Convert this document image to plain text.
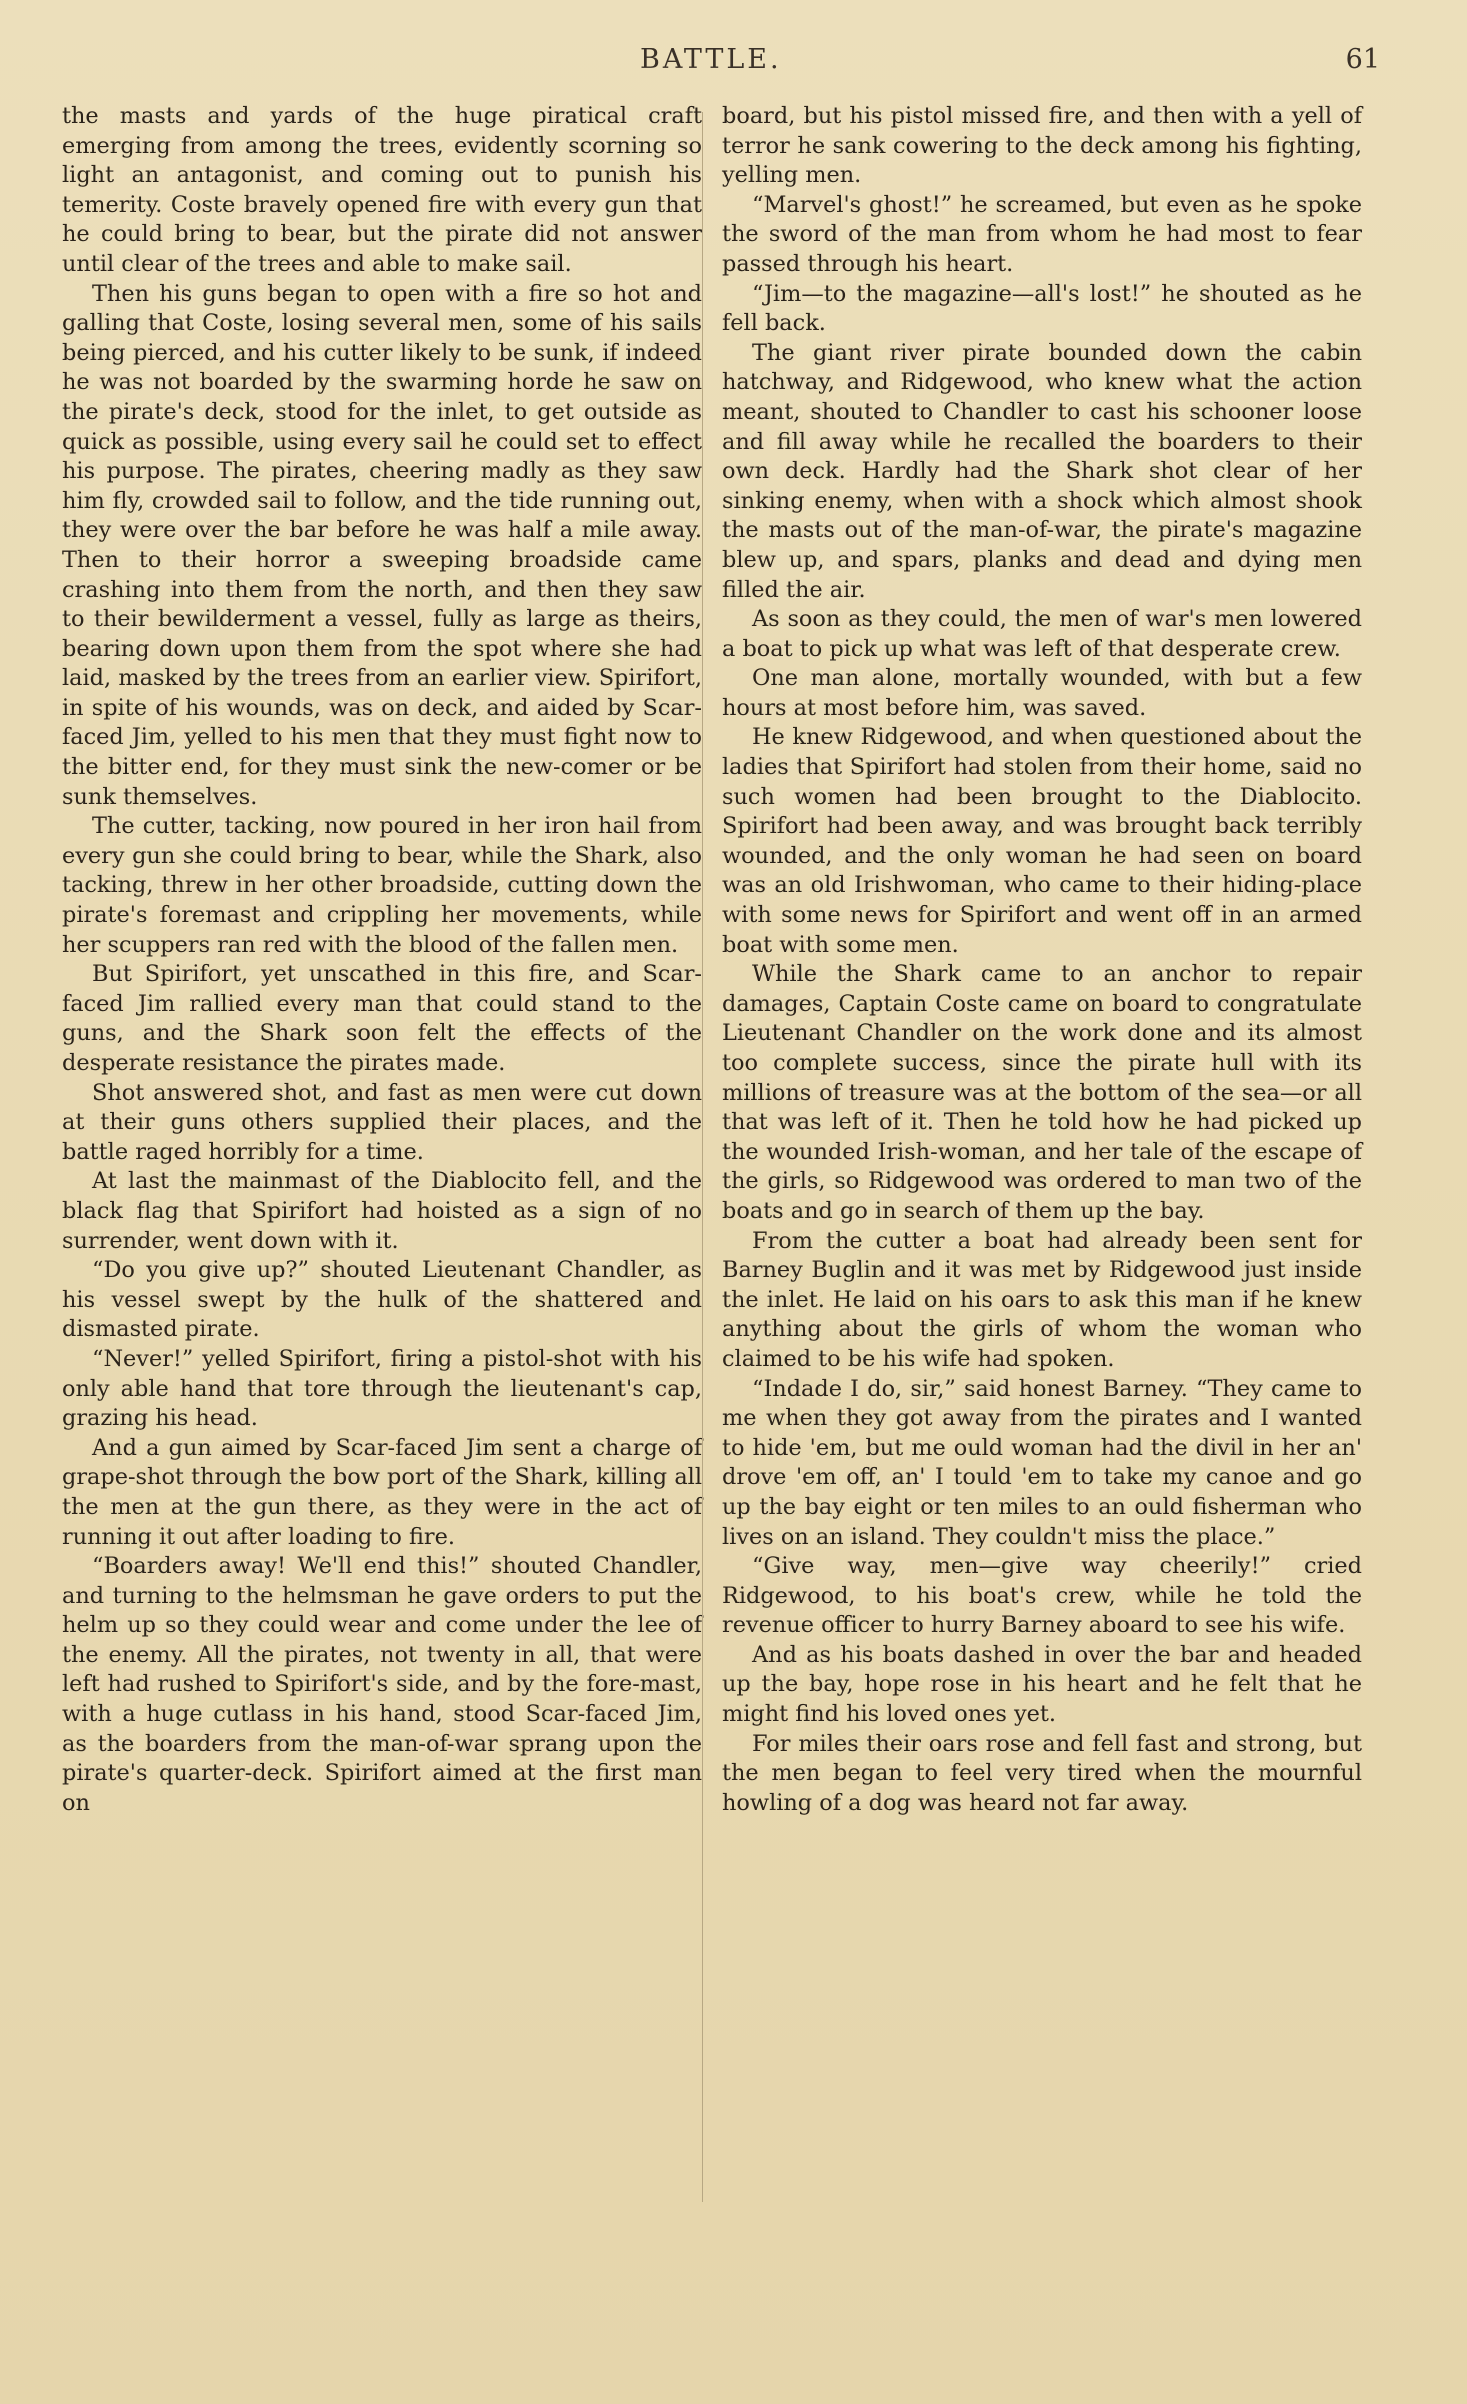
BATTLE.	61

the masts and yards of the huge piratical craft emerging from among the trees, evidently scorning so light an antagonist, and coming out to punish his temerity. Coste bravely opened fire with every gun that he could bring to bear, but the pirate did not answer until clear of the trees and able to make sail.

Then his guns began to open with a fire so hot and galling that Coste, losing several men, some of his sails being pierced, and his cutter likely to be sunk, if indeed he was not boarded by the swarming horde he saw on the pirate's deck, stood for the inlet, to get outside as quick as possible, using every sail he could set to effect his purpose. The pirates, cheering madly as they saw him fly, crowded sail to follow, and the tide running out, they were over the bar before he was half a mile away. Then to their horror a sweeping broadside came crashing into them from the north, and then they saw to their bewilderment a vessel, fully as large as theirs, bearing down upon them from the spot where she had laid, masked by the trees from an earlier view. Spirifort, in spite of his wounds, was on deck, and aided by Scar-faced Jim, yelled to his men that they must fight now to the bitter end, for they must sink the new-comer or be sunk themselves.

The cutter, tacking, now poured in her iron hail from every gun she could bring to bear, while the Shark, also tacking, threw in her other broadside, cutting down the pirate's foremast and crippling her movements, while her scuppers ran red with the blood of the fallen men.

But Spirifort, yet unscathed in this fire, and Scar-faced Jim rallied every man that could stand to the guns, and the Shark soon felt the effects of the desperate resistance the pirates made.

Shot answered shot, and fast as men were cut down at their guns others supplied their places, and the battle raged horribly for a time.

At last the mainmast of the Diablocito fell, and the black flag that Spirifort had hoisted as a sign of no surrender, went down with it.

“Do you give up?” shouted Lieutenant Chandler, as his vessel swept by the hulk of the shattered and dismasted pirate.

“Never!” yelled Spirifort, firing a pistol-shot with his only able hand that tore through the lieutenant's cap, grazing his head.

And a gun aimed by Scar-faced Jim sent a charge of grape-shot through the bow port of the Shark, killing all the men at the gun there, as they were in the act of running it out after loading to fire.

“Boarders away! We'll end this!” shouted Chandler, and turning to the helmsman he gave orders to put the helm up so they could wear and come under the lee of the enemy. All the pirates, not twenty in all, that were left had rushed to Spirifort's side, and by the fore-mast, with a huge cutlass in his hand, stood Scar-faced Jim, as the boarders from the man-of-war sprang upon the pirate's quarter-deck. Spirifort aimed at the first man on

board, but his pistol missed fire, and then with a yell of terror he sank cowering to the deck among his fighting, yelling men.

“Marvel's ghost!” he screamed, but even as he spoke the sword of the man from whom he had most to fear passed through his heart.

“Jim—to the magazine—all's lost!” he shouted as he fell back.

The giant river pirate bounded down the cabin hatchway, and Ridgewood, who knew what the action meant, shouted to Chandler to cast his schooner loose and fill away while he recalled the boarders to their own deck. Hardly had the Shark shot clear of her sinking enemy, when with a shock which almost shook the masts out of the man-of-war, the pirate's magazine blew up, and spars, planks and dead and dying men filled the air.

As soon as they could, the men of war's men lowered a boat to pick up what was left of that desperate crew.

One man alone, mortally wounded, with but a few hours at most before him, was saved.

He knew Ridgewood, and when questioned about the ladies that Spirifort had stolen from their home, said no such women had been brought to the Diablocito. Spirifort had been away, and was brought back terribly wounded, and the only woman he had seen on board was an old Irishwoman, who came to their hiding-place with some news for Spirifort and went off in an armed boat with some men.

While the Shark came to an anchor to repair damages, Captain Coste came on board to congratulate Lieutenant Chandler on the work done and its almost too complete success, since the pirate hull with its millions of treasure was at the bottom of the sea—or all that was left of it. Then he told how he had picked up the wounded Irish-woman, and her tale of the escape of the girls, so Ridgewood was ordered to man two of the boats and go in search of them up the bay.

From the cutter a boat had already been sent for Barney Buglin and it was met by Ridgewood just inside the inlet. He laid on his oars to ask this man if he knew anything about the girls of whom the woman who claimed to be his wife had spoken.

“Indade I do, sir,” said honest Barney. “They came to me when they got away from the pirates and I wanted to hide 'em, but me ould woman had the divil in her an' drove 'em off, an' I tould 'em to take my canoe and go up the bay eight or ten miles to an ould fisherman who lives on an island. They couldn't miss the place.”

“Give way, men—give way cheerily!” cried Ridgewood, to his boat's crew, while he told the revenue officer to hurry Barney aboard to see his wife.

And as his boats dashed in over the bar and headed up the bay, hope rose in his heart and he felt that he might find his loved ones yet.

For miles their oars rose and fell fast and strong, but the men began to feel very tired when the mournful howling of a dog was heard not far away.
